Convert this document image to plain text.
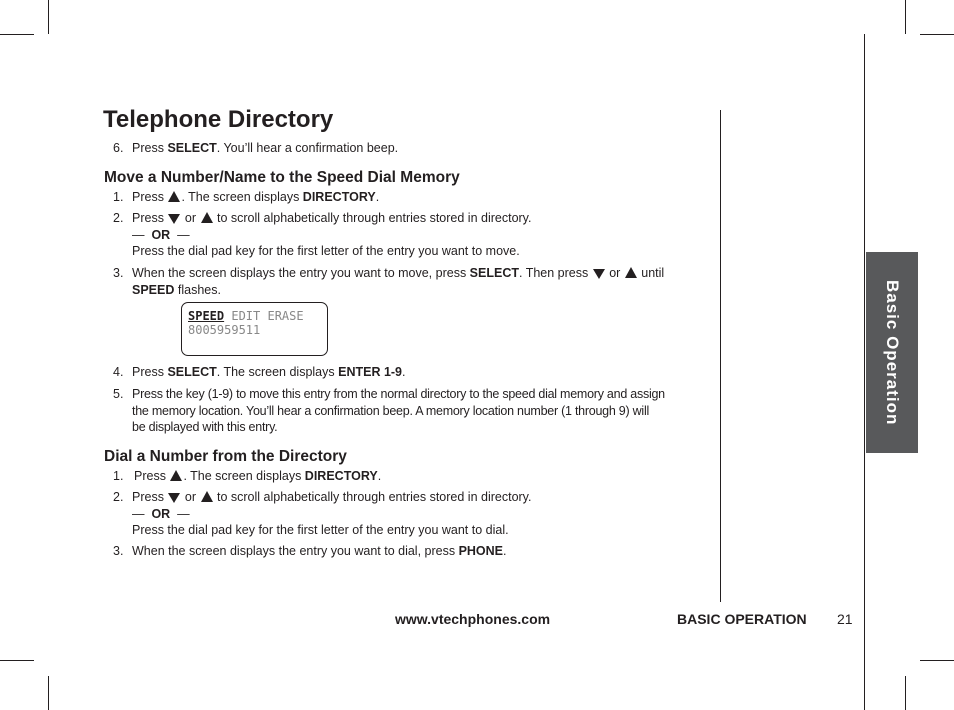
Basic Operation
Telephone Directory
6. Press SELECT. You’ll hear a confirmation beep.
Move a Number/Name to the Speed Dial Memory
1. Press . The screen displays DIRECTORY.
2. Press  or  to scroll alphabetically through entries stored in directory.
— OR —
Press the dial pad key for the first letter of the entry you want to move.
3. When the screen displays the entry you want to move, press SELECT. Then press  or  until
SPEED flashes.
SPEED EDIT ERASE
8005959511
4. Press SELECT. The screen displays ENTER 1-9.
5. Press the key (1-9) to move this entry from the normal directory to the speed dial memory and assign
the memory location. You’ll hear a confirmation beep. A memory location number (1 through 9) will
be displayed with this entry.
Dial a Number from the Directory
1. Press . The screen displays DIRECTORY.
2. Press  or  to scroll alphabetically through entries stored in directory.
— OR —
Press the dial pad key for the first letter of the entry you want to dial.
3. When the screen displays the entry you want to dial, press PHONE.
www.vtechphones.com	BASIC OPERATION 21
